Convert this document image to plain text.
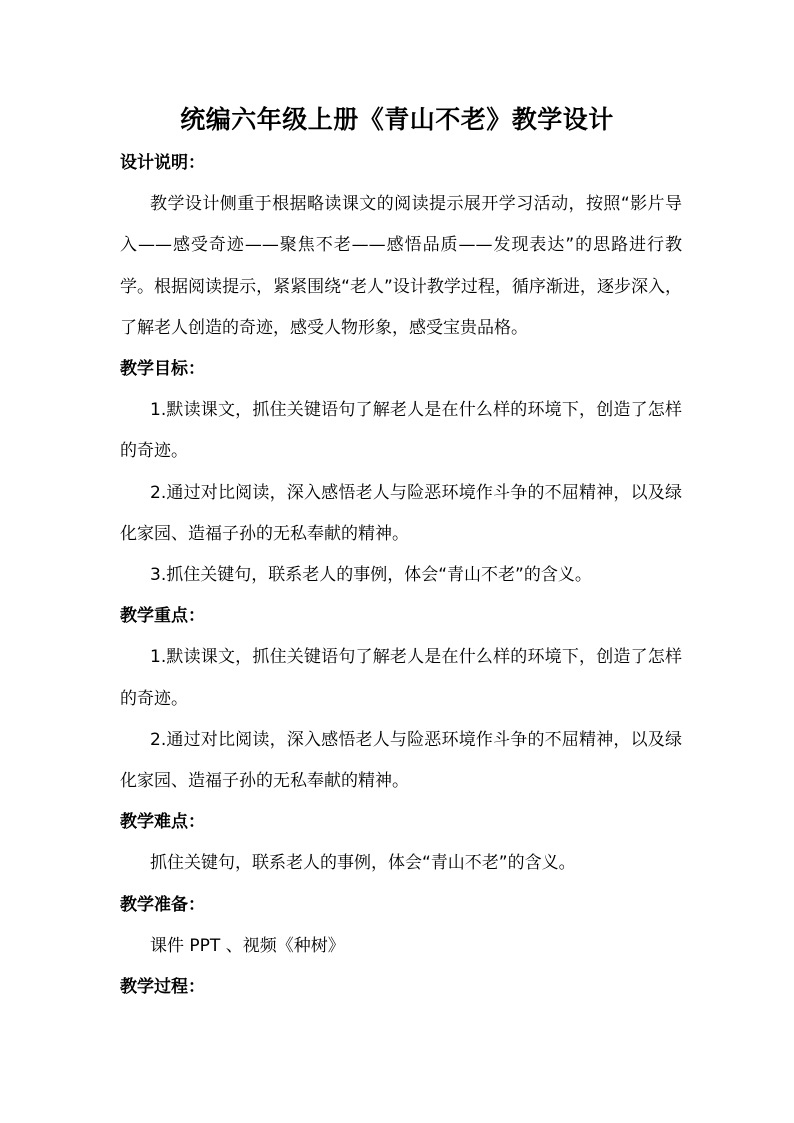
统编六年级上册《青山不老》教学设计

设计说明：

教学设计侧重于根据略读课文的阅读提示展开学习活动，按照“影片导入——感受奇迹——聚焦不老——感悟品质——发现表达”的思路进行教学。根据阅读提示，紧紧围绕“老人”设计教学过程，循序渐进，逐步深入，了解老人创造的奇迹，感受人物形象，感受宝贵品格。

教学目标：

1.默读课文，抓住关键语句了解老人是在什么样的环境下，创造了怎样的奇迹。

2.通过对比阅读，深入感悟老人与险恶环境作斗争的不屈精神，以及绿化家园、造福子孙的无私奉献的精神。

3.抓住关键句，联系老人的事例，体会“青山不老”的含义。

教学重点：

1.默读课文，抓住关键语句了解老人是在什么样的环境下，创造了怎样的奇迹。

2.通过对比阅读，深入感悟老人与险恶环境作斗争的不屈精神，以及绿化家园、造福子孙的无私奉献的精神。

教学难点：

抓住关键句，联系老人的事例，体会“青山不老”的含义。

教学准备：

课件 PPT 、视频《种树》

教学过程：
